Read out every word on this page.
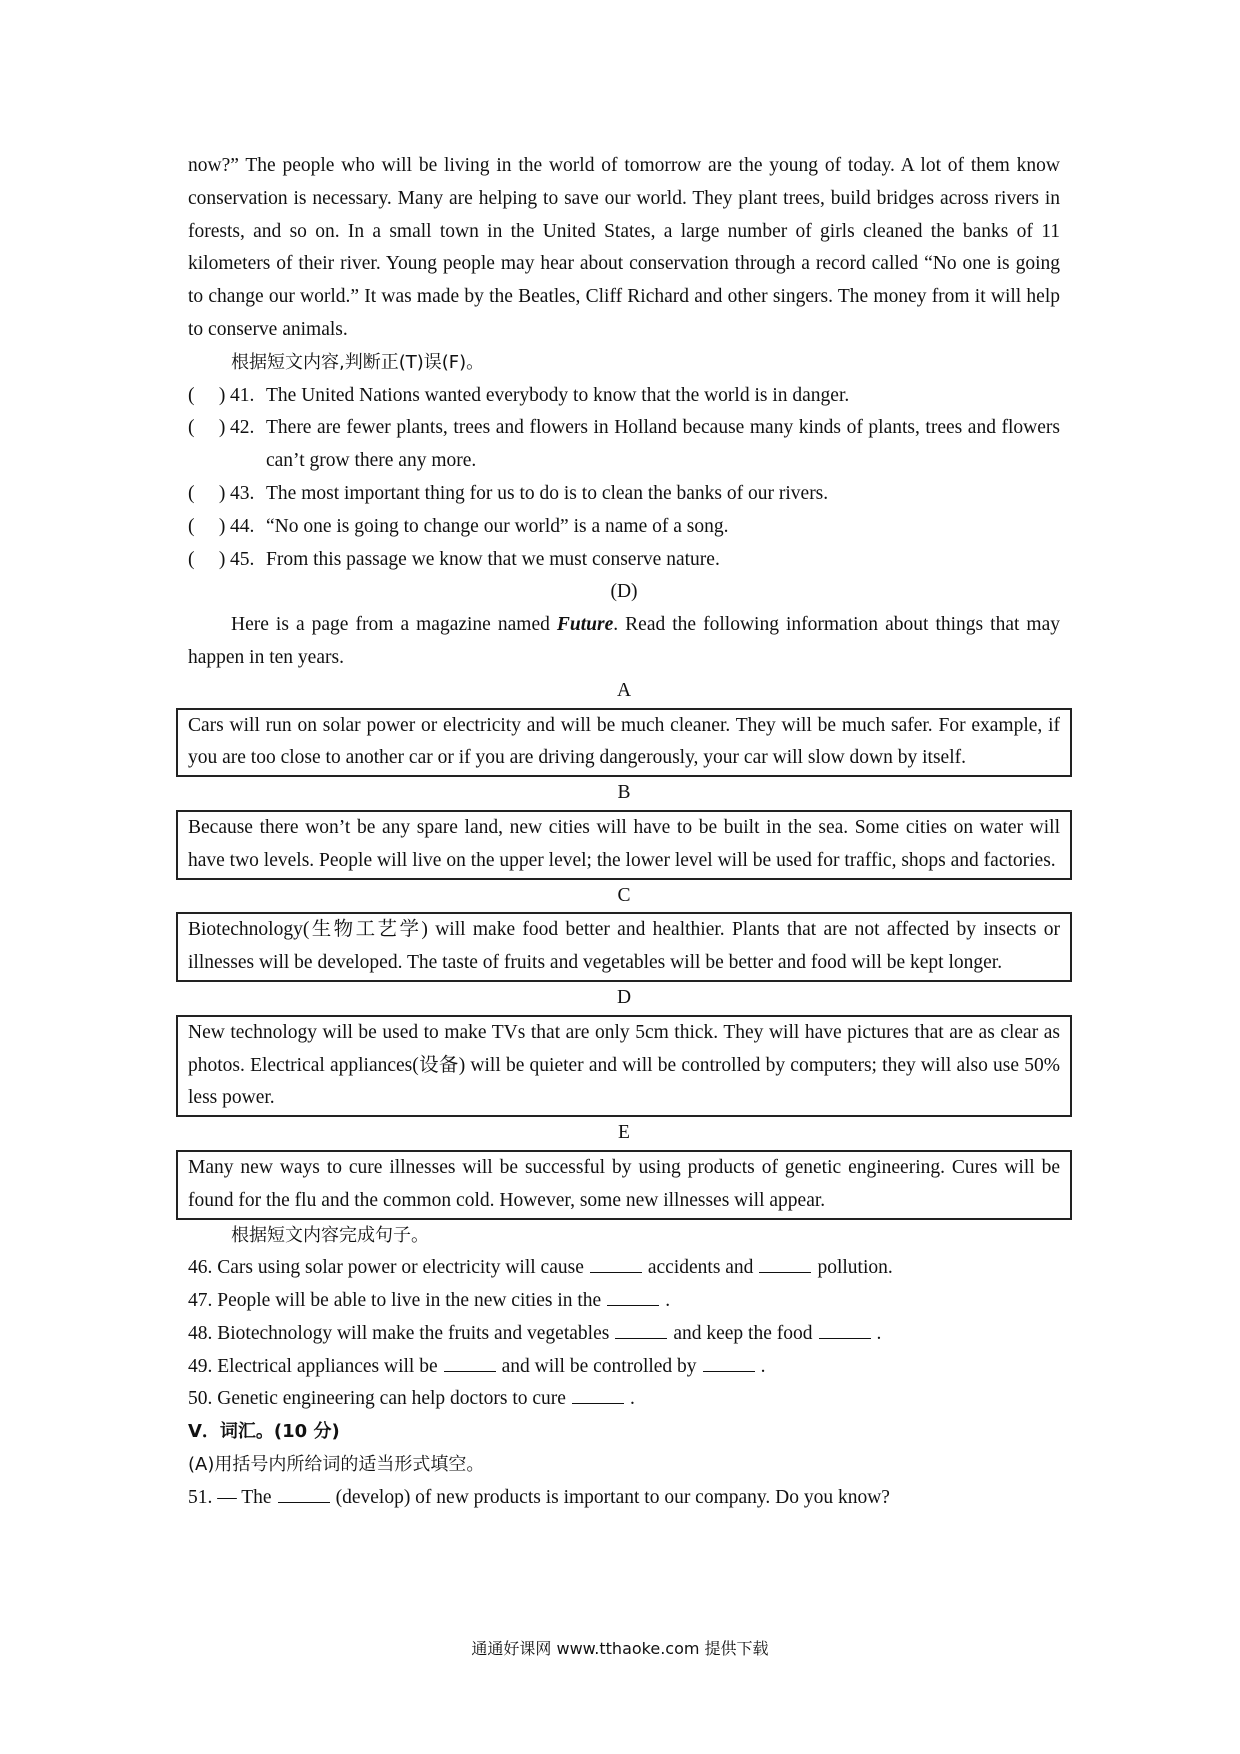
now?” The people who will be living in the world of tomorrow are the young of today. A lot of them know conservation is necessary. Many are helping to save our world. They plant trees, build bridges across rivers in forests, and so on. In a small town in the United States, a large number of girls cleaned the banks of 11 kilometers of their river. Young people may hear about conservation through a record called “No one is going to change our world.” It was made by the Beatles, Cliff Richard and other singers. The money from it will help to conserve animals.

根据短文内容,判断正(T)误(F)。

(     ) 41. The United Nations wanted everybody to know that the world is in danger.
(     ) 42. There are fewer plants, trees and flowers in Holland because many kinds of plants, trees and flowers can’t grow there any more.
(     ) 43. The most important thing for us to do is to clean the banks of our rivers.
(     ) 44. “No one is going to change our world” is a name of a song.
(     ) 45. From this passage we know that we must conserve nature.

(D)

Here is a page from a magazine named Future. Read the following information about things that may happen in ten years.

A

Cars will run on solar power or electricity and will be much cleaner. They will be much safer. For example, if you are too close to another car or if you are driving dangerously, your car will slow down by itself.

B

Because there won’t be any spare land, new cities will have to be built in the sea. Some cities on water will have two levels. People will live on the upper level; the lower level will be used for traffic, shops and factories.

C

Biotechnology(生物工艺学) will make food better and healthier. Plants that are not affected by insects or illnesses will be developed. The taste of fruits and vegetables will be better and food will be kept longer.

D

New technology will be used to make TVs that are only 5cm thick. They will have pictures that are as clear as photos. Electrical appliances(设备) will be quieter and will be controlled by computers; they will also use 50% less power.

E

Many new ways to cure illnesses will be successful by using products of genetic engineering. Cures will be found for the flu and the common cold. However, some new illnesses will appear.

根据短文内容完成句子。

46. Cars using solar power or electricity will cause	accidents and	pollution.

47. People will be able to live in the new cities in the	.

48. Biotechnology will make the fruits and vegetables	and keep the food	.

49. Electrical appliances will be	and will be controlled by	.

50. Genetic engineering can help doctors to cure	.

V．词汇。(10 分)

(A)用括号内所给词的适当形式填空。

51. — The	(develop) of new products is important to our company. Do you know?

通通好课网 www.tthaoke.com 提供下载
